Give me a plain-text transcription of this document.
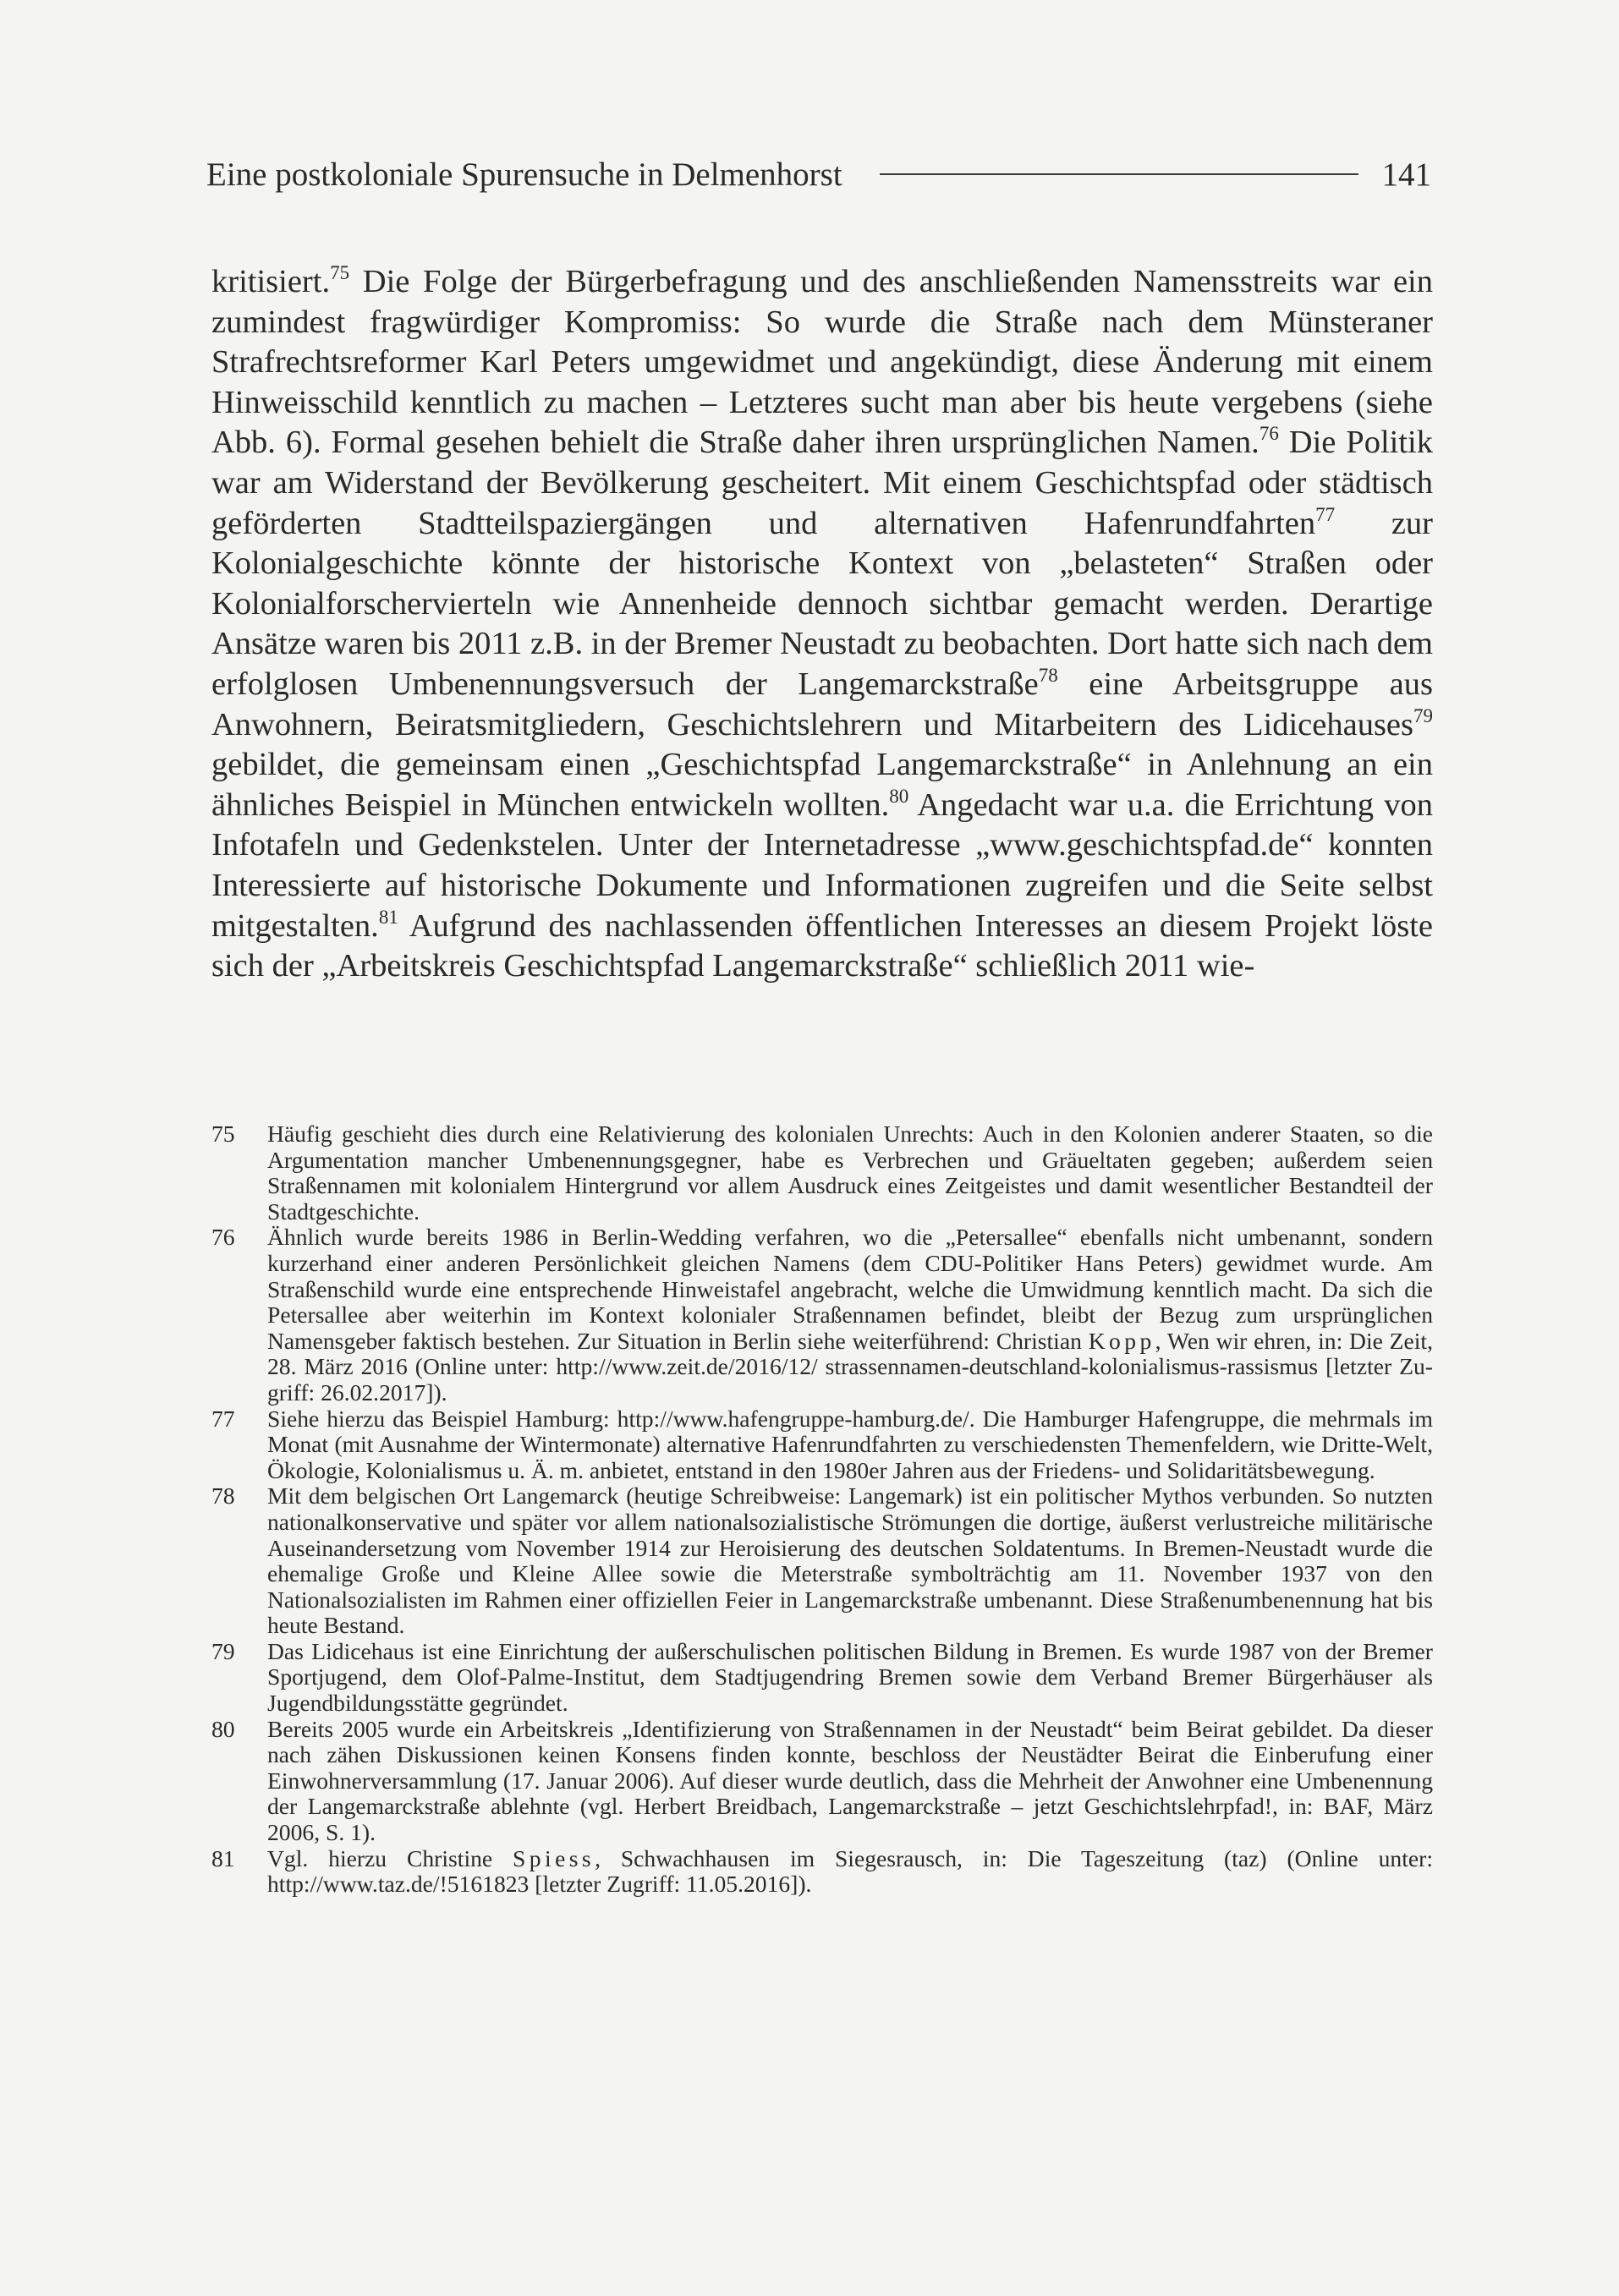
Eine postkoloniale Spurensuche in Delmenhorst	141
kritisiert.$^{75}$ Die Folge der Bürgerbefragung und des anschließenden Namensstreits war ein zumindest fragwürdiger Kompromiss: So wurde die Straße nach dem Münsteraner Strafrechtsreformer Karl Peters umgewidmet und angekündigt, diese Änderung mit einem Hinweisschild kenntlich zu machen – Letzteres sucht man aber bis heute vergebens (siehe Abb. 6). Formal gesehen behielt die Straße daher ihren ursprünglichen Namen.$^{76}$ Die Politik war am Widerstand der Bevölkerung gescheitert. Mit einem Geschichtspfad oder städtisch geförderten Stadtteilspaziergängen und alternativen Hafenrundfahrten$^{77}$ zur Kolonialgeschichte könnte der historische Kontext von „belasteten“ Straßen oder Kolonialforschervierteln wie Annenheide dennoch sichtbar gemacht werden. Derartige Ansätze waren bis 2011 z.B. in der Bremer Neustadt zu beobachten. Dort hatte sich nach dem erfolglosen Umbenennungsversuch der Langemarckstraße$^{78}$ eine Arbeitsgruppe aus Anwohnern, Beiratsmitgliedern, Geschichtslehrern und Mitarbeitern des Lidicehauses$^{79}$ gebildet, die gemeinsam einen „Geschichtspfad Langemarckstraße“ in Anlehnung an ein ähnliches Beispiel in München entwickeln wollten.$^{80}$ Angedacht war u.a. die Errichtung von Infotafeln und Gedenkstelen. Unter der Internetadresse „www.geschichtspfad.de“ konnten Interessierte auf historische Dokumente und Informationen zugreifen und die Seite selbst mitgestalten.$^{81}$ Aufgrund des nachlassenden öffentlichen Interesses an diesem Projekt löste sich der „Arbeitskreis Geschichtspfad Langemarckstraße“ schließlich 2011 wie-
75 Häufig geschieht dies durch eine Relativierung des kolonialen Unrechts: Auch in den Kolonien anderer Staaten, so die Argumentation mancher Umbenennungsgegner, habe es Verbrechen und Gräueltaten gegeben; außerdem seien Straßennamen mit kolonialem Hintergrund vor allem Ausdruck eines Zeitgeistes und damit wesentlicher Bestandteil der Stadtgeschichte.
76 Ähnlich wurde bereits 1986 in Berlin-Wedding verfahren, wo die „Petersallee“ ebenfalls nicht umbenannt, sondern kurzerhand einer anderen Persönlichkeit gleichen Namens (dem CDU-Politiker Hans Peters) gewidmet wurde. Am Straßenschild wurde eine entsprechende Hinweistafel angebracht, welche die Umwidmung kenntlich macht. Da sich die Petersallee aber weiterhin im Kontext kolonialer Straßennamen befindet, bleibt der Bezug zum ursprünglichen Namensgeber faktisch bestehen. Zur Situation in Berlin siehe weiterführend: Christian Kopp, Wen wir ehren, in: Die Zeit, 28. März 2016 (Online unter: http://www.zeit.de/2016/12/ strassennamen-deutschland-kolonialismus-rassismus [letzter Zugriff: 26.02.2017]).
77 Siehe hierzu das Beispiel Hamburg: http://www.hafengruppe-hamburg.de/. Die Hamburger Hafengruppe, die mehrmals im Monat (mit Ausnahme der Wintermonate) alternative Hafenrundfahrten zu verschiedensten Themenfeldern, wie Dritte-Welt, Ökologie, Kolonialismus u. Ä. m. anbietet, entstand in den 1980er Jahren aus der Friedens- und Solidaritätsbewegung.
78 Mit dem belgischen Ort Langemarck (heutige Schreibweise: Langemark) ist ein politischer Mythos verbunden. So nutzten nationalkonservative und später vor allem nationalsozialistische Strömungen die dortige, äußerst verlustreiche militärische Auseinandersetzung vom November 1914 zur Heroisierung des deutschen Soldatentums. In Bremen-Neustadt wurde die ehemalige Große und Kleine Allee sowie die Meterstraße symbolträchtig am 11. November 1937 von den Nationalsozialisten im Rahmen einer offiziellen Feier in Langemarckstraße umbenannt. Diese Straßenumbenennung hat bis heute Bestand.
79 Das Lidicehaus ist eine Einrichtung der außerschulischen politischen Bildung in Bremen. Es wurde 1987 von der Bremer Sportjugend, dem Olof-Palme-Institut, dem Stadtjugendring Bremen sowie dem Verband Bremer Bürgerhäuser als Jugendbildungsstätte gegründet.
80 Bereits 2005 wurde ein Arbeitskreis „Identifizierung von Straßennamen in der Neustadt“ beim Beirat gebildet. Da dieser nach zähen Diskussionen keinen Konsens finden konnte, beschloss der Neustädter Beirat die Einberufung einer Einwohnerversammlung (17. Januar 2006). Auf dieser wurde deutlich, dass die Mehrheit der Anwohner eine Umbenennung der Langemarckstraße ablehnte (vgl. Herbert Breidbach, Langemarckstraße – jetzt Geschichtslehrpfad!, in: BAF, März 2006, S. 1).
81 Vgl. hierzu Christine Spiess, Schwachhausen im Siegesrausch, in: Die Tageszeitung (taz) (Online unter: http://www.taz.de/!5161823 [letzter Zugriff: 11.05.2016]).
